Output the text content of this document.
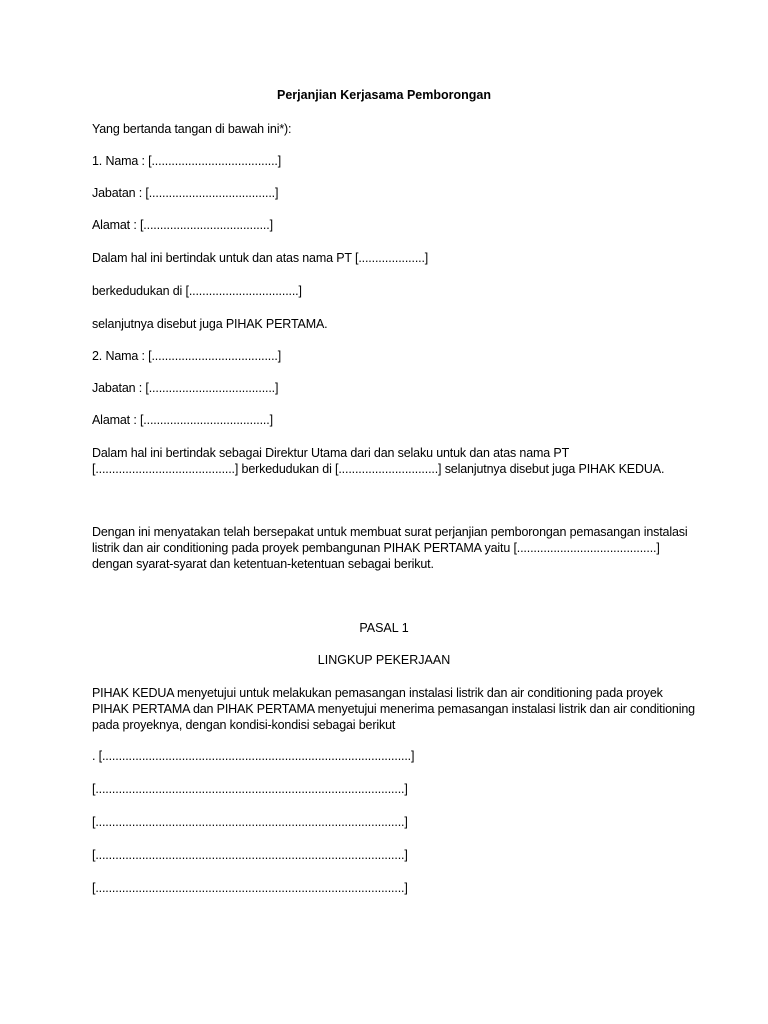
Perjanjian Kerjasama Pemborongan
Yang bertanda tangan di bawah ini*):
1. Nama : [......................................]
Jabatan : [......................................]
Alamat : [......................................]
Dalam hal ini bertindak untuk dan atas nama PT [....................]
berkedudukan di [.................................]
selanjutnya disebut juga PIHAK PERTAMA.
2. Nama : [......................................]
Jabatan : [......................................]
Alamat : [......................................]
Dalam hal ini bertindak sebagai Direktur Utama dari dan selaku untuk dan atas nama PT
[..........................................] berkedudukan di [..............................] selanjutnya disebut juga PIHAK KEDUA.
Dengan ini menyatakan telah bersepakat untuk membuat surat perjanjian pemborongan pemasangan instalasi
listrik dan air conditioning pada proyek pembangunan PIHAK PERTAMA yaitu [..........................................]
dengan syarat-syarat dan ketentuan-ketentuan sebagai berikut.
PASAL 1
LINGKUP PEKERJAAN
PIHAK KEDUA menyetujui untuk melakukan pemasangan instalasi listrik dan air conditioning pada proyek
PIHAK PERTAMA dan PIHAK PERTAMA menyetujui menerima pemasangan instalasi listrik dan air conditioning
pada proyeknya, dengan kondisi-kondisi sebagai berikut
. [.............................................................................................]
[.............................................................................................]
[.............................................................................................]
[.............................................................................................]
[.............................................................................................]
